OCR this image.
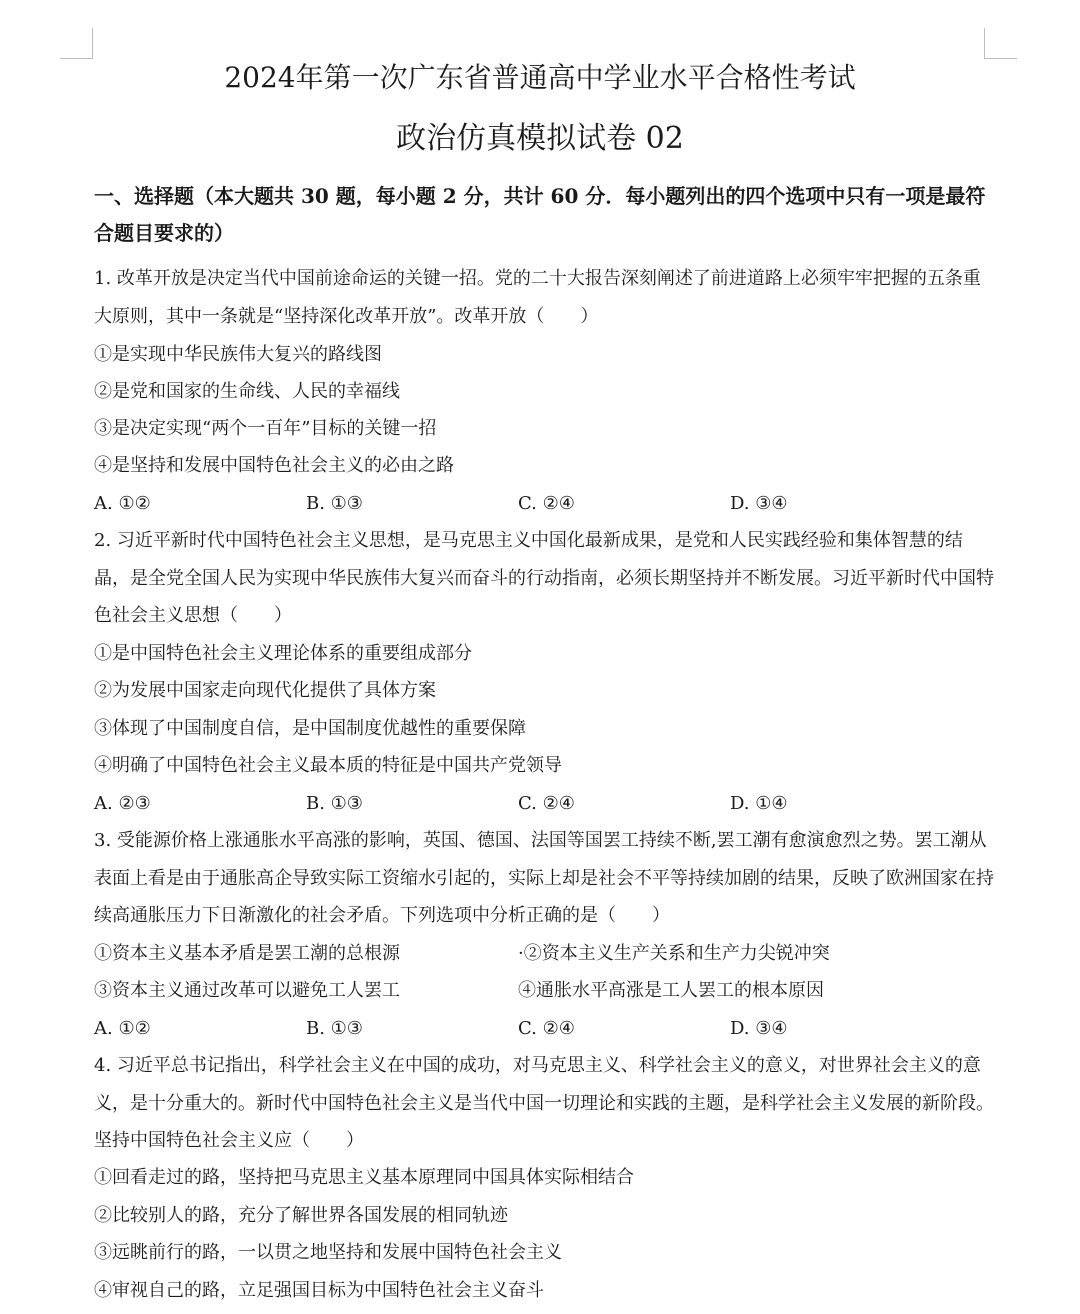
2024年第一次广东省普通高中学业水平合格性考试
政治仿真模拟试卷 02
一、选择题（本大题共 30 题，每小题 2 分，共计 60 分．每小题列出的四个选项中只有一项是最符合题目要求的）
1. 改革开放是决定当代中国前途命运的关键一招。党的二十大报告深刻阐述了前进道路上必须牢牢把握的五条重大原则，其中一条就是“坚持深化改革开放”。改革开放（　　）
①是实现中华民族伟大复兴的路线图
②是党和国家的生命线、人民的幸福线
③是决定实现“两个一百年”目标的关键一招
④是坚持和发展中国特色社会主义的必由之路
A. ①②	B. ①③	C. ②④	D. ③④
2. 习近平新时代中国特色社会主义思想，是马克思主义中国化最新成果，是党和人民实践经验和集体智慧的结晶，是全党全国人民为实现中华民族伟大复兴而奋斗的行动指南，必须长期坚持并不断发展。习近平新时代中国特色社会主义思想（　　）
①是中国特色社会主义理论体系的重要组成部分
②为发展中国家走向现代化提供了具体方案
③体现了中国制度自信，是中国制度优越性的重要保障
④明确了中国特色社会主义最本质的特征是中国共产党领导
A. ②③	B. ①③	C. ②④	D. ①④
3. 受能源价格上涨通胀水平高涨的影响，英国、德国、法国等国罢工持续不断,罢工潮有愈演愈烈之势。罢工潮从表面上看是由于通胀高企导致实际工资缩水引起的，实际上却是社会不平等持续加剧的结果，反映了欧洲国家在持续高通胀压力下日渐激化的社会矛盾。下列选项中分析正确的是（　　）
①资本主义基本矛盾是罢工潮的总根源	·②资本主义生产关系和生产力尖锐冲突
③资本主义通过改革可以避免工人罢工	④通胀水平高涨是工人罢工的根本原因
A. ①②	B. ①③	C. ②④	D. ③④
4. 习近平总书记指出，科学社会主义在中国的成功，对马克思主义、科学社会主义的意义，对世界社会主义的意义，是十分重大的。新时代中国特色社会主义是当代中国一切理论和实践的主题，是科学社会主义发展的新阶段。坚持中国特色社会主义应（　　）
①回看走过的路，坚持把马克思主义基本原理同中国具体实际相结合
②比较别人的路，充分了解世界各国发展的相同轨迹
③远眺前行的路，一以贯之地坚持和发展中国特色社会主义
④审视自己的路，立足强国目标为中国特色社会主义奋斗
